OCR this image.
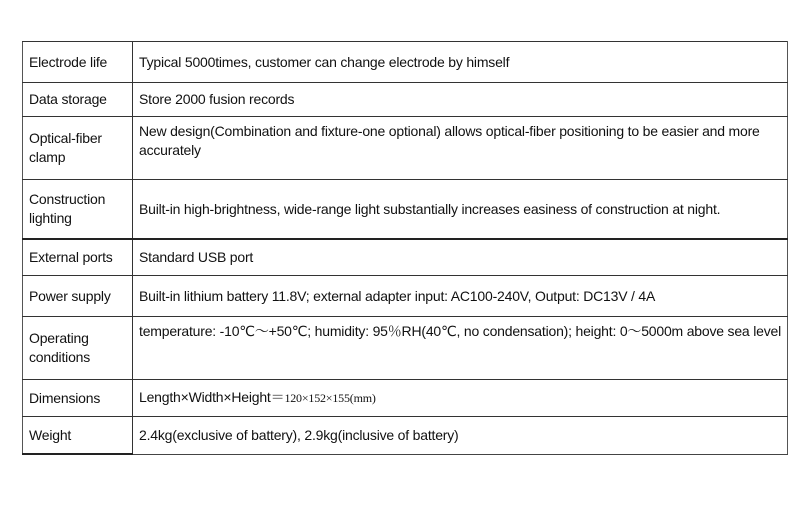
Electrode life	Typical 5000times, customer can change electrode by himself
Data storage	Store 2000 fusion records
Optical-fiber clamp	New design(Combination and fixture-one optional) allows optical-fiber positioning to be easier and more accurately
Construction lighting	Built-in high-brightness, wide-range light substantially increases easiness of construction at night.
External ports	Standard USB port
Power supply	Built-in lithium battery 11.8V; external adapter input: AC100-240V, Output: DC13V / 4A
Operating conditions	temperature: -10℃～+50℃; humidity: 95％RH(40℃, no condensation); height: 0～5000m above sea level
Dimensions	Length×Width×Height＝120×152×155(mm)
Weight	2.4kg(exclusive of battery), 2.9kg(inclusive of battery)
